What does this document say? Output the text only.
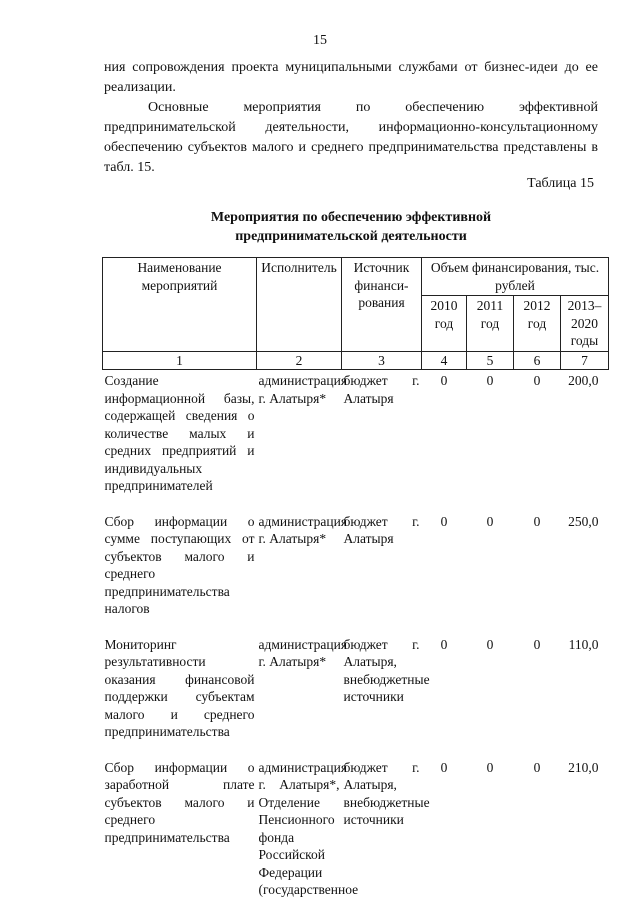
15

ния сопровождения проекта муниципальными службами от бизнес-идеи до ее реализации.

Основные мероприятия по обеспечению эффективной предпринимательской деятельности, информационно-консультационному обеспечению субъектов малого и среднего предпринимательства представлены в табл. 15.

Таблица 15
Мероприятия по обеспечению эффективной
предпринимательской деятельности
Наименование мероприятий	Исполнитель	Источник финанси-рования	Объем финансирования, тыс. рублей			
			2010 год	2011 год	2012 год	2013–2020 годы
1	2	3	4	5	6	7
Создание информационной базы, содержащей сведения о количестве малых и средних предприятий и индивидуальных предпринимателей	администрация г. Алатыря*	бюджет г. Алатыря	0	0	0	200,0
Сбор информации о сумме поступающих от субъектов малого и среднего предпринимательства налогов	администрация г. Алатыря*	бюджет г. Алатыря	0	0	0	250,0
Мониторинг результативности оказания финансовой поддержки субъектам малого и среднего предпринимательства	администрация г. Алатыря*	бюджет г. Алатыря, внебюджетные источники	0	0	0	110,0
Сбор информации о заработной плате субъектов малого и среднего предпринимательства	администрация г. Алатыря*, Отделение Пенсионного фонда Российской Федерации (государственное	бюджет г. Алатыря, внебюджетные источники	0	0	0	210,0
